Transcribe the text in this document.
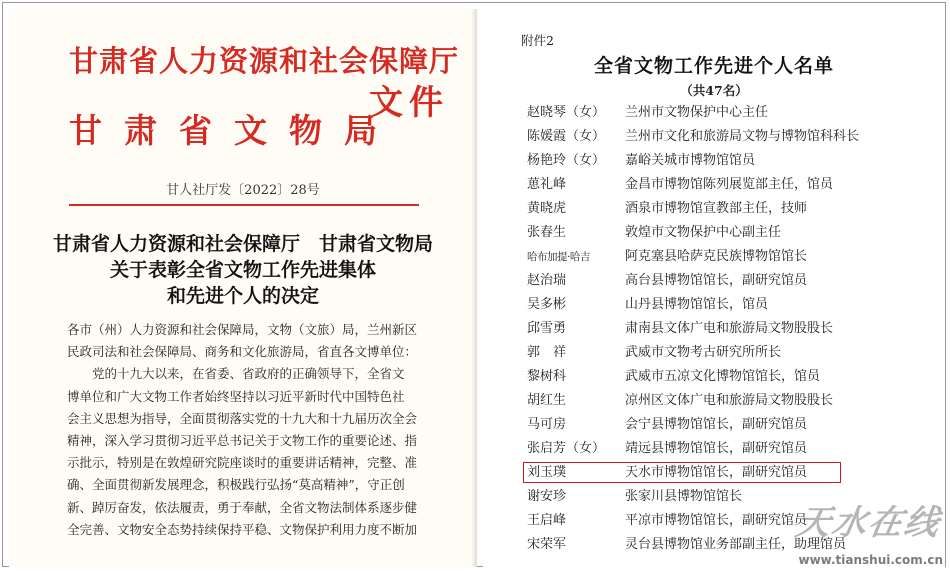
甘肃省人力资源和社会保障厅
甘肃省文物局
文件
甘人社厅发〔2022〕28号
甘肃省人力资源和社会保障厅　甘肃省文物局
关于表彰全省文物工作先进集体
和先进个人的决定
各市（州）人力资源和社会保障局，文物（文旅）局，兰州新区
民政司法和社会保障局、商务和文化旅游局，省直各文博单位：
　　党的十九大以来，在省委、省政府的正确领导下，全省文
博单位和广大文物工作者始终坚持以习近平新时代中国特色社
会主义思想为指导，全面贯彻落实党的十九大和十九届历次全会
精神，深入学习贯彻习近平总书记关于文物工作的重要论述、指
示批示，特别是在敦煌研究院座谈时的重要讲话精神，完整、准
确、全面贯彻新发展理念，积极践行弘扬“莫高精神”，守正创
新、踔厉奋发，依法履责，勇于奉献，全省文物法制体系逐步健
全完善、文物安全态势持续保持平稳、文物保护利用力度不断加
附件2
全省文物工作先进个人名单
（共47名）
赵晓琴（女）	兰州市文物保护中心主任
陈媛霞（女）	兰州市文化和旅游局文物与博物馆科科长
杨艳玲（女）	嘉峪关城市博物馆馆员
葸礼峰	金昌市博物馆陈列展览部主任，馆员
黄晓虎	酒泉市博物馆宣教部主任，技师
张春生	敦煌市文物保护中心副主任
哈布加提·哈吉	阿克塞县哈萨克民族博物馆馆长
赵治瑞	高台县博物馆馆长，副研究馆员
吴多彬	山丹县博物馆馆长，馆员
邱雪勇	肃南县文体广电和旅游局文物股股长
郭　祥	武威市文物考古研究所所长
黎树科	武威市五凉文化博物馆馆长，馆员
胡红生	凉州区文体广电和旅游局文物股股长
马可房	会宁县博物馆馆长，副研究馆员
张启芳（女）	靖远县博物馆馆长，副研究馆员
刘玉璞	天水市博物馆馆长，副研究馆员
谢安珍	张家川县博物馆馆长
王启峰	平凉市博物馆馆长，副研究馆员
宋荣军	灵台县博物馆业务部副主任，助理馆员
天水在线
www.tianshui.com.cn
